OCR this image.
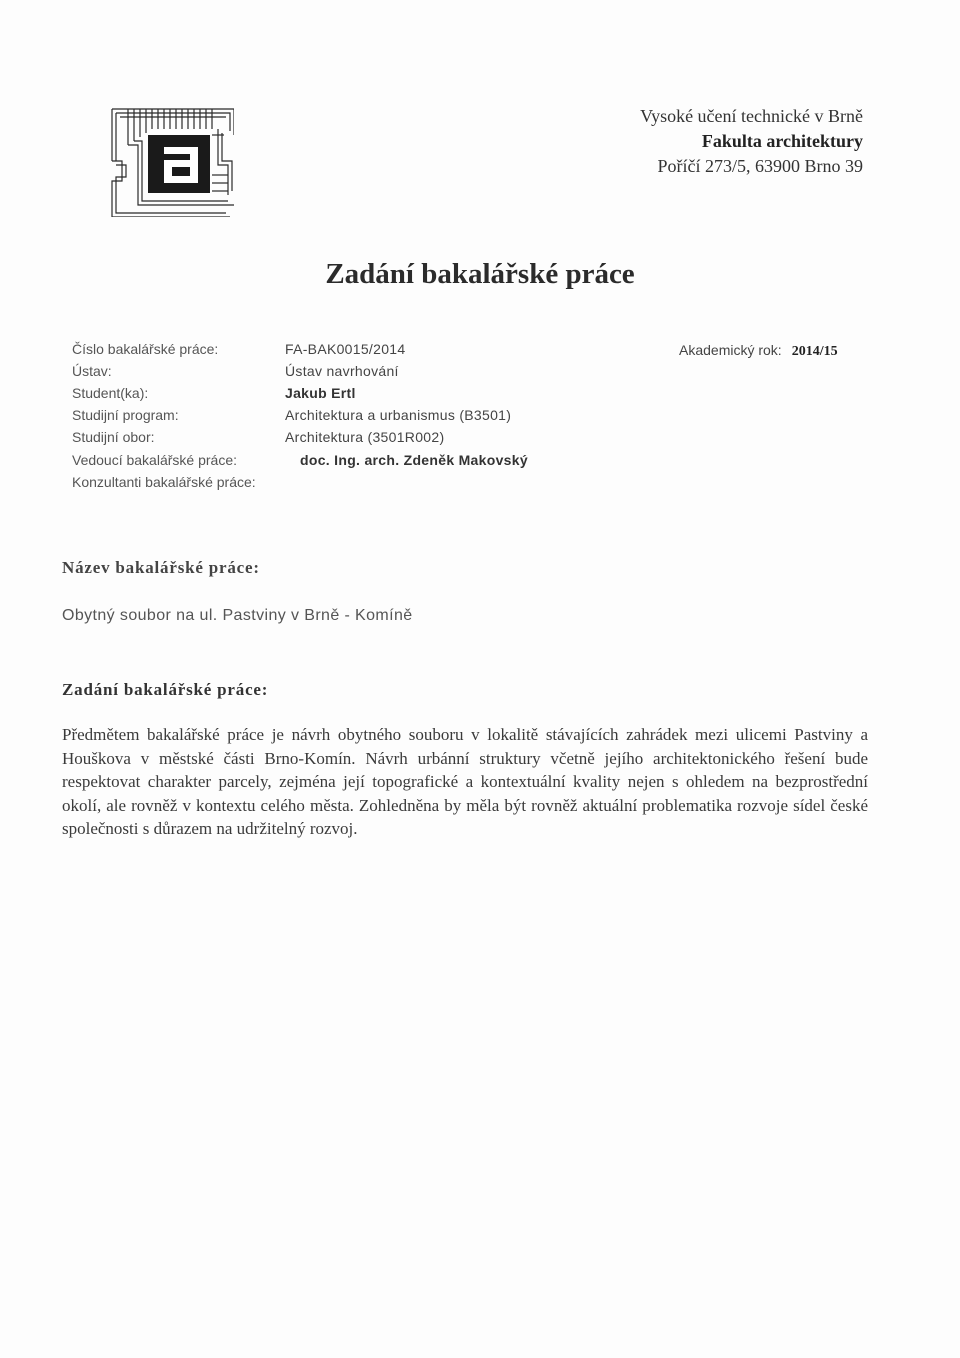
Vysoké učení technické v Brně
Fakulta architektury
Poříčí 273/5, 63900 Brno 39
Zadání bakalářské práce
Číslo bakalářské práce:	FA-BAK0015/2014
Ústav:	Ústav navrhování
Student(ka):	Jakub Ertl
Studijní program:	Architektura a urbanismus (B3501)
Studijní obor:	Architektura (3501R002)
Vedoucí bakalářské práce:	doc. Ing. arch. Zdeněk Makovský
Konzultanti bakalářské práce:
Akademický rok: 2014/15
Název bakalářské práce:
Obytný soubor na ul. Pastviny v Brně - Komíně
Zadání bakalářské práce:
Předmětem bakalářské práce je návrh obytného souboru v lokalitě stávajících zahrádek mezi ulicemi Pastviny a Houškova v městské části Brno-Komín. Návrh urbánní struktury včetně jejího architektonického řešení bude respektovat charakter parcely, zejména její topografické a kontextuální kvality nejen s ohledem na bezprostřední okolí, ale rovněž v kontextu celého města. Zohledněna by měla být rovněž aktuální problematika rozvoje sídel české společnosti s důrazem na udržitelný rozvoj.
